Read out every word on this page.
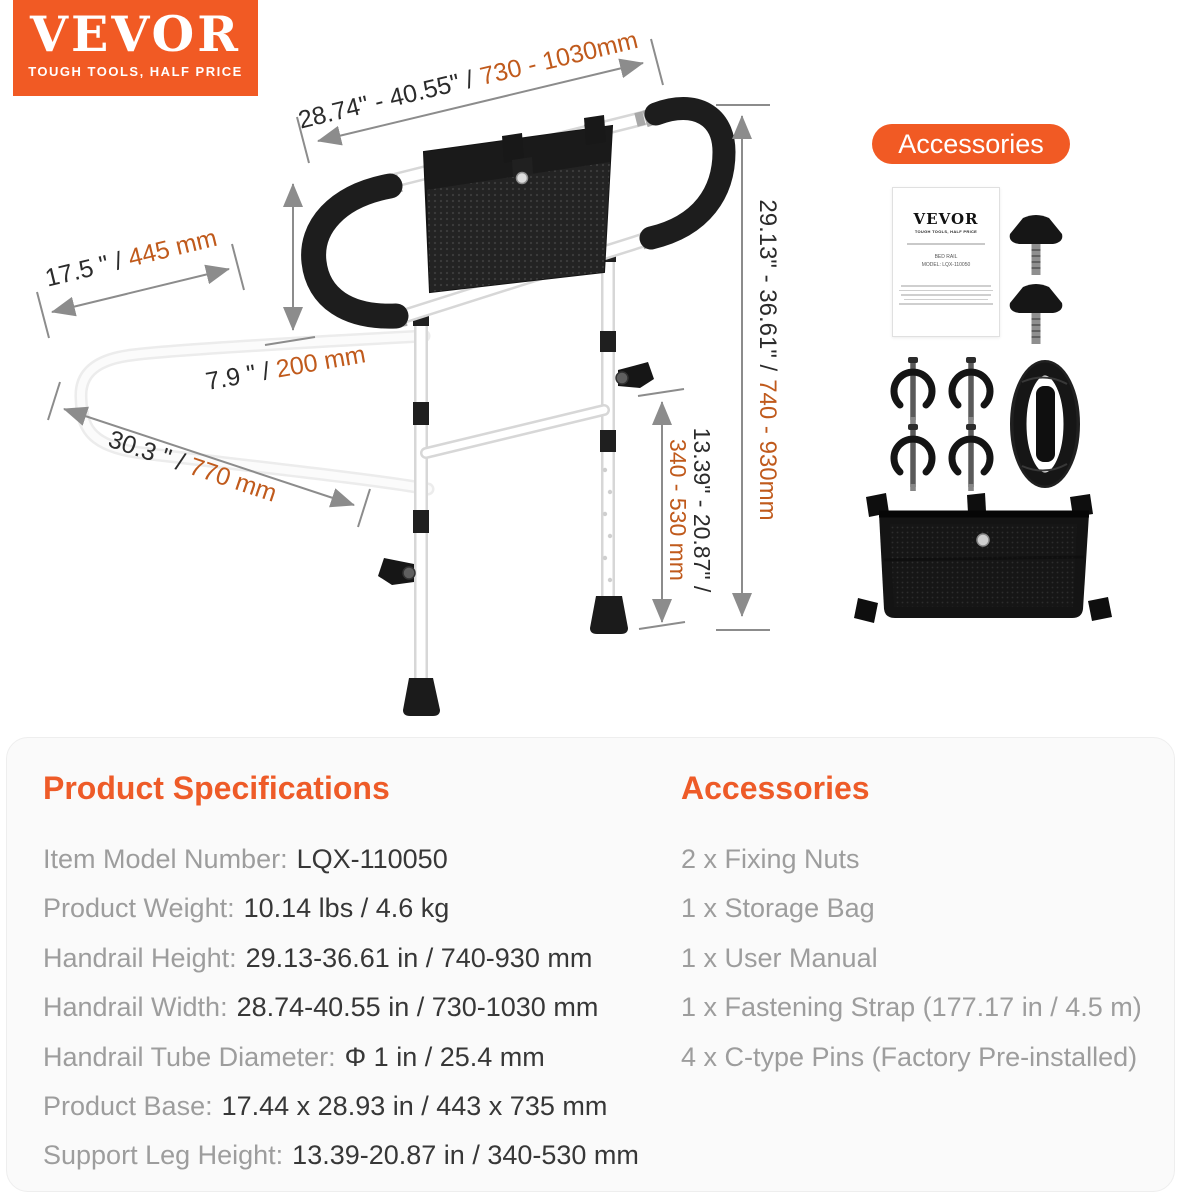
VEVOR
TOUGH TOOLS, HALF PRICE	28.74" - 40.55" /730 - 1030mm
17.5 " /445 mm
7.9 " /200 mm
30.3 " /770 mm
29.13" - 36.61" /740 - 930mm
13.39" - 20.87" /
340 - 530 mm
Accessories
VEVOR
TOUGH TOOLS, HALF PRICE
BED RAIL
MODEL: LQX-110050
Product Specifications
Item Model Number: LQX-110050
Product Weight: 10.14 lbs / 4.6 kg
Handrail Height: 29.13-36.61 in / 740-930 mm
Handrail Width: 28.74-40.55 in / 730-1030 mm
Handrail Tube Diameter: Φ 1 in / 25.4 mm
Product Base: 17.44 x 28.93 in / 443 x 735 mm
Support Leg Height: 13.39-20.87 in / 340-530 mm
Accessories
2 x Fixing Nuts
1 x Storage Bag
1 x User Manual
1 x Fastening Strap (177.17 in / 4.5 m)
4 x C-type Pins (Factory Pre-installed)
